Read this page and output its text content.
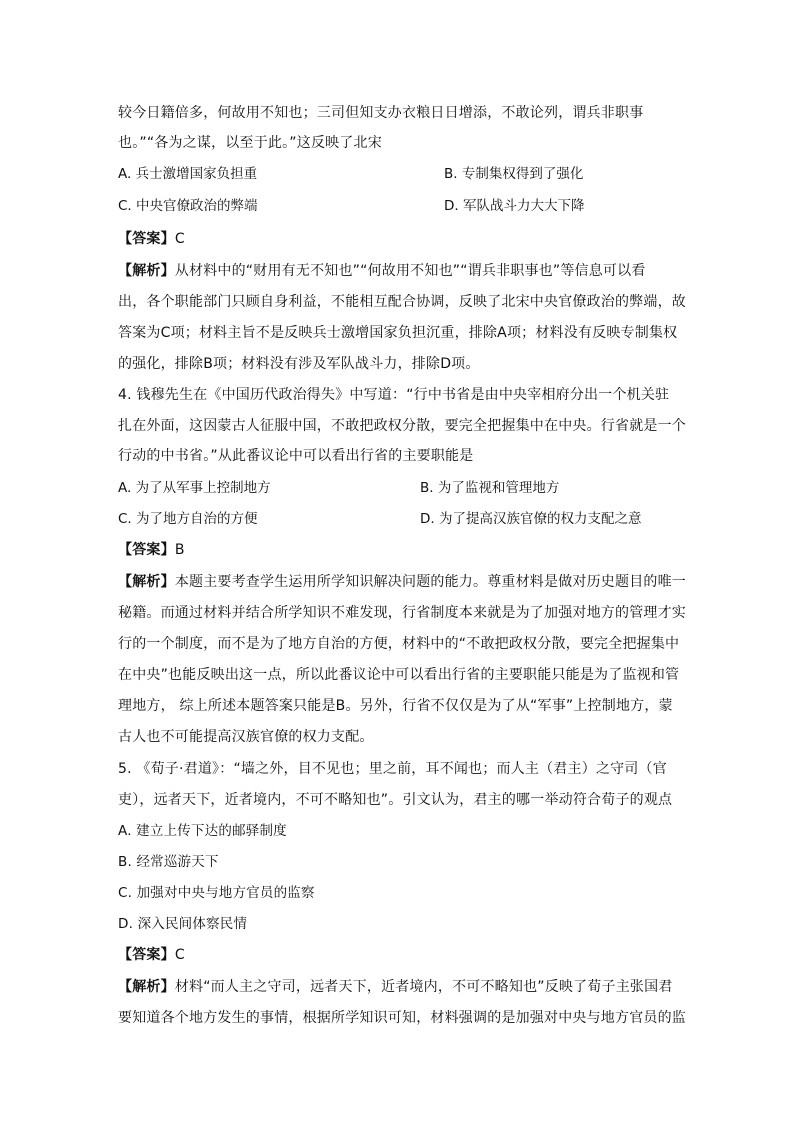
较今日籍倍多，何故用不知也；三司但知支办衣粮日日增添，不敢论列，谓兵非职事
也。”“各为之谋，以至于此。”这反映了北宋
A. 兵士激增国家负担重	B. 专制集权得到了强化
C. 中央官僚政治的弊端	D. 军队战斗力大大下降
【答案】C
【解析】从材料中的“财用有无不知也”“何故用不知也”“谓兵非职事也”等信息可以看
出，各个职能部门只顾自身利益，不能相互配合协调，反映了北宋中央官僚政治的弊端，故
答案为C项；材料主旨不是反映兵士激增国家负担沉重，排除A项；材料没有反映专制集权
的强化，排除B项；材料没有涉及军队战斗力，排除D项。
4. 钱穆先生在《中国历代政治得失》中写道：“行中书省是由中央宰相府分出一个机关驻
扎在外面，这因蒙古人征服中国，不敢把政权分散，要完全把握集中在中央。行省就是一个
行动的中书省。”从此番议论中可以看出行省的主要职能是
A. 为了从军事上控制地方	B. 为了监视和管理地方
C. 为了地方自治的方便	D. 为了提高汉族官僚的权力支配之意
【答案】B
【解析】本题主要考查学生运用所学知识解决问题的能力。尊重材料是做对历史题目的唯一
秘籍。而通过材料并结合所学知识不难发现，行省制度本来就是为了加强对地方的管理才实
行的一个制度，而不是为了地方自治的方便，材料中的“不敢把政权分散，要完全把握集中
在中央”也能反映出这一点，所以此番议论中可以看出行省的主要职能只能是为了监视和管
理地方， 综上所述本题答案只能是B。另外，行省不仅仅是为了从“军事”上控制地方，蒙
古人也不可能提高汉族官僚的权力支配。
5. 《荀子·君道》：“墙之外，目不见也；里之前，耳不闻也；而人主（君主）之守司（官
吏），远者天下，近者境内，不可不略知也”。引文认为，君主的哪一举动符合荀子的观点
A. 建立上传下达的邮驿制度
B. 经常巡游天下
C. 加强对中央与地方官员的监察
D. 深入民间体察民情
【答案】C
【解析】材料“而人主之守司，远者天下，近者境内，不可不略知也”反映了荀子主张国君
要知道各个地方发生的事情，根据所学知识可知，材料强调的是加强对中央与地方官员的监
